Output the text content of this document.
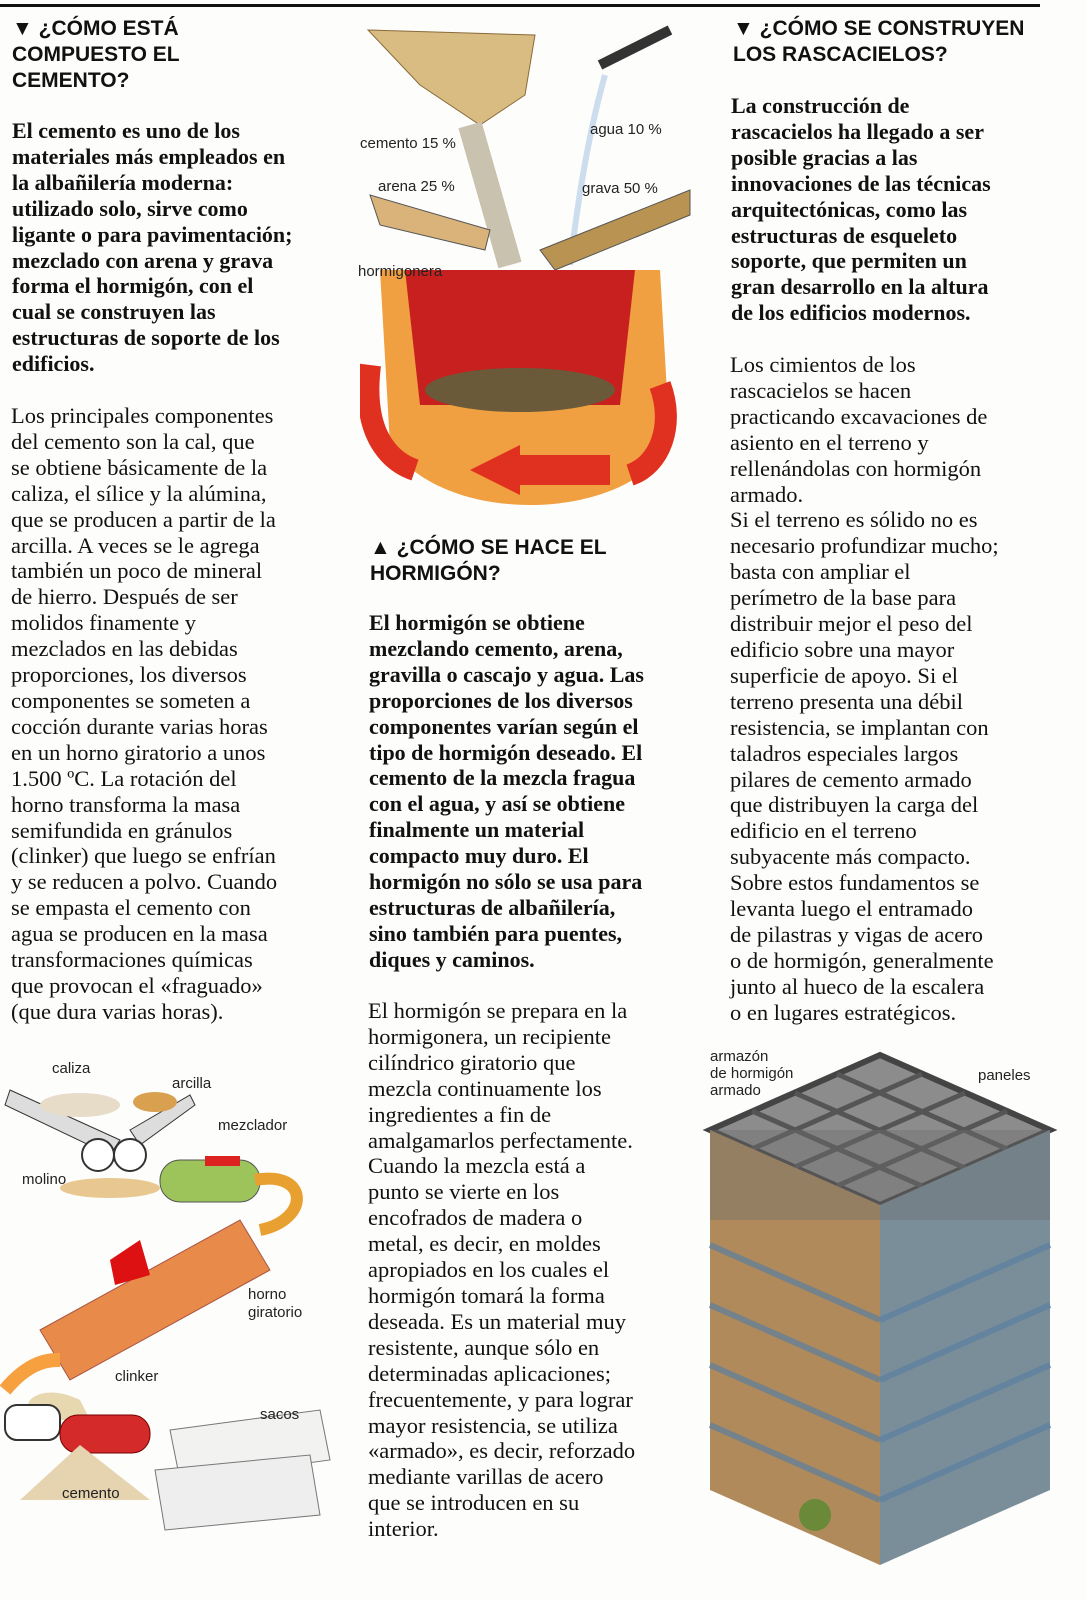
▼ ¿CÓMO ESTÁ
COMPUESTO EL
CEMENTO?
El cemento es uno de los
materiales más empleados en
la albañilería moderna:
utilizado solo, sirve como
ligante o para pavimentación;
mezclado con arena y grava
forma el hormigón, con el
cual se construyen las
estructuras de soporte de los
edificios.
Los principales componentes
del cemento son la cal, que
se obtiene básicamente de la
caliza, el sílice y la alúmina,
que se producen a partir de la
arcilla. A veces se le agrega
también un poco de mineral
de hierro. Después de ser
molidos finamente y
mezclados en las debidas
proporciones, los diversos
componentes se someten a
cocción durante varias horas
en un horno giratorio a unos
1.500 ºC. La rotación del
horno transforma la masa
semifundida en gránulos
(clinker) que luego se enfrían
y se reducen a polvo. Cuando
se empasta el cemento con
agua se producen en la masa
transformaciones químicas
que provocan el «fraguado»
(que dura varias horas).
caliza
arcilla
mezclador
molino
horno
giratorio
clinker
sacos
cemento
cemento 15 %
agua 10 %
arena 25 %	grava 50 %
hormigonera
▲ ¿CÓMO SE HACE EL
HORMIGÓN?
El hormigón se obtiene
mezclando cemento, arena,
gravilla o cascajo y agua. Las
proporciones de los diversos
componentes varían según el
tipo de hormigón deseado. El
cemento de la mezcla fragua
con el agua, y así se obtiene
finalmente un material
compacto muy duro. El
hormigón no sólo se usa para
estructuras de albañilería,
sino también para puentes,
diques y caminos.
El hormigón se prepara en la
hormigonera, un recipiente
cilíndrico giratorio que
mezcla continuamente los
ingredientes a fin de
amalgamarlos perfectamente.
Cuando la mezcla está a
punto se vierte en los
encofrados de madera o
metal, es decir, en moldes
apropiados en los cuales el
hormigón tomará la forma
deseada. Es un material muy
resistente, aunque sólo en
determinadas aplicaciones;
frecuentemente, y para lograr
mayor resistencia, se utiliza
«armado», es decir, reforzado
mediante varillas de acero
que se introducen en su
interior.
▼ ¿CÓMO SE CONSTRUYEN
LOS RASCACIELOS?
La construcción de
rascacielos ha llegado a ser
posible gracias a las
innovaciones de las técnicas
arquitectónicas, como las
estructuras de esqueleto
soporte, que permiten un
gran desarrollo en la altura
de los edificios modernos.
Los cimientos de los
rascacielos se hacen
practicando excavaciones de
asiento en el terreno y
rellenándolas con hormigón
armado.
Si el terreno es sólido no es
necesario profundizar mucho;
basta con ampliar el
perímetro de la base para
distribuir mejor el peso del
edificio sobre una mayor
superficie de apoyo. Si el
terreno presenta una débil
resistencia, se implantan con
taladros especiales largos
pilares de cemento armado
que distribuyen la carga del
edificio en el terreno
subyacente más compacto.
Sobre estos fundamentos se
levanta luego el entramado
de pilastras y vigas de acero
o de hormigón, generalmente
junto al hueco de la escalera
o en lugares estratégicos.
armazón
de hormigón
armado
paneles
